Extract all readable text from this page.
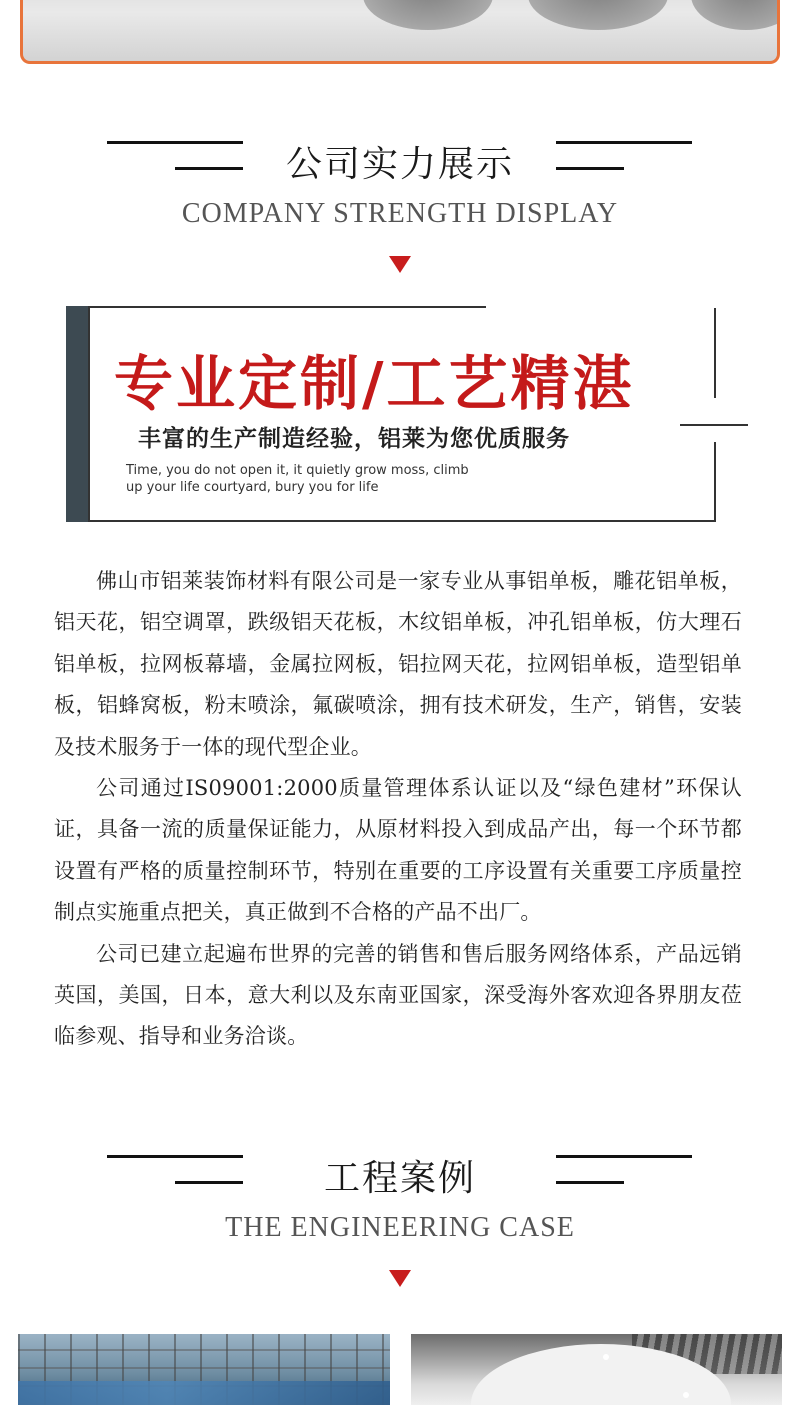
公司实力展示
COMPANY STRENGTH DISPLAY
专业定制/工艺精湛
丰富的生产制造经验，铝莱为您优质服务
Time, you do not open it, it quietly grow moss, climb
up your life courtyard, bury you for life

佛山市铝莱装饰材料有限公司是一家专业从事铝单板，雕花铝单板，铝天花，铝空调罩，跌级铝天花板，木纹铝单板，冲孔铝单板，仿大理石铝单板，拉网板幕墙，金属拉网板，铝拉网天花，拉网铝单板，造型铝单板，铝蜂窝板，粉末喷涂，氟碳喷涂，拥有技术研发，生产，销售，安装及技术服务于一体的现代型企业。

公司通过IS09001:2000质量管理体系认证以及“绿色建材”环保认证，具备一流的质量保证能力，从原材料投入到成品产出，每一个环节都设置有严格的质量控制环节，特别在重要的工序设置有关重要工序质量控制点实施重点把关，真正做到不合格的产品不出厂。

公司已建立起遍布世界的完善的销售和售后服务网络体系，产品远销英国，美国，日本，意大利以及东南亚国家，深受海外客欢迎各界朋友莅临参观、指导和业务洽谈。

工程案例
THE ENGINEERING CASE
